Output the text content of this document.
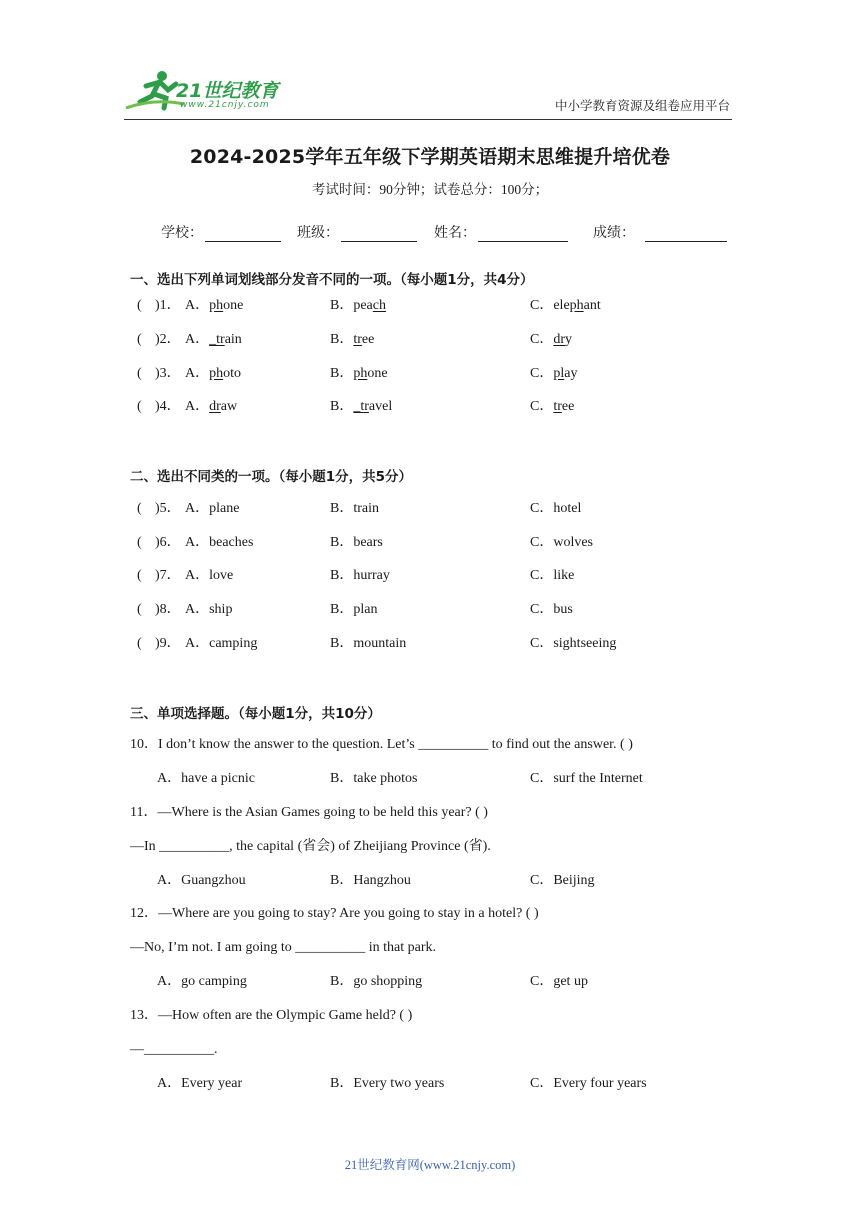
21世纪教育
www.21cnjy.com	中小学教育资源及组卷应用平台
2024-2025学年五年级下学期英语期末思维提升培优卷
考试时间：90分钟；试卷总分：100分；
学校：	班级：	姓名：	成绩：
一、选出下列单词划线部分发音不同的一项。（每小题1分，共4分）
( )1． A．phone	B．peach	C．elephant
( )2． A．_train	B．tree	C．dry
( )3． A．photo	B．phone	C．play
( )4． A．draw	B．_travel	C．tree
二、选出不同类的一项。（每小题1分，共5分）
( )5． A．plane	B．train	C．hotel
( )6． A．beaches	B．bears	C．wolves
( )7． A．love	B．hurray	C．like
( )8． A．ship	B．plan	C．bus
( )9． A．camping	B．mountain	C．sightseeing
三、单项选择题。（每小题1分，共10分）
10．I don’t know the answer to the question. Let’s __________ to find out the answer. ( )
A．have a picnic	B．take photos	C．surf the Internet
11．—Where is the Asian Games going to be held this year? ( )
—In __________, the capital (省会) of Zheijiang Province (省).
A．Guangzhou	B．Hangzhou	C．Beijing
12．—Where are you going to stay? Are you going to stay in a hotel? ( )
—No, I’m not. I am going to __________ in that park.
A．go camping	B．go shopping	C．get up
13．—How often are the Olympic Game held? ( )
—__________.
A．Every year	B．Every two years	C．Every four years
21世纪教育网(www.21cnjy.com)
